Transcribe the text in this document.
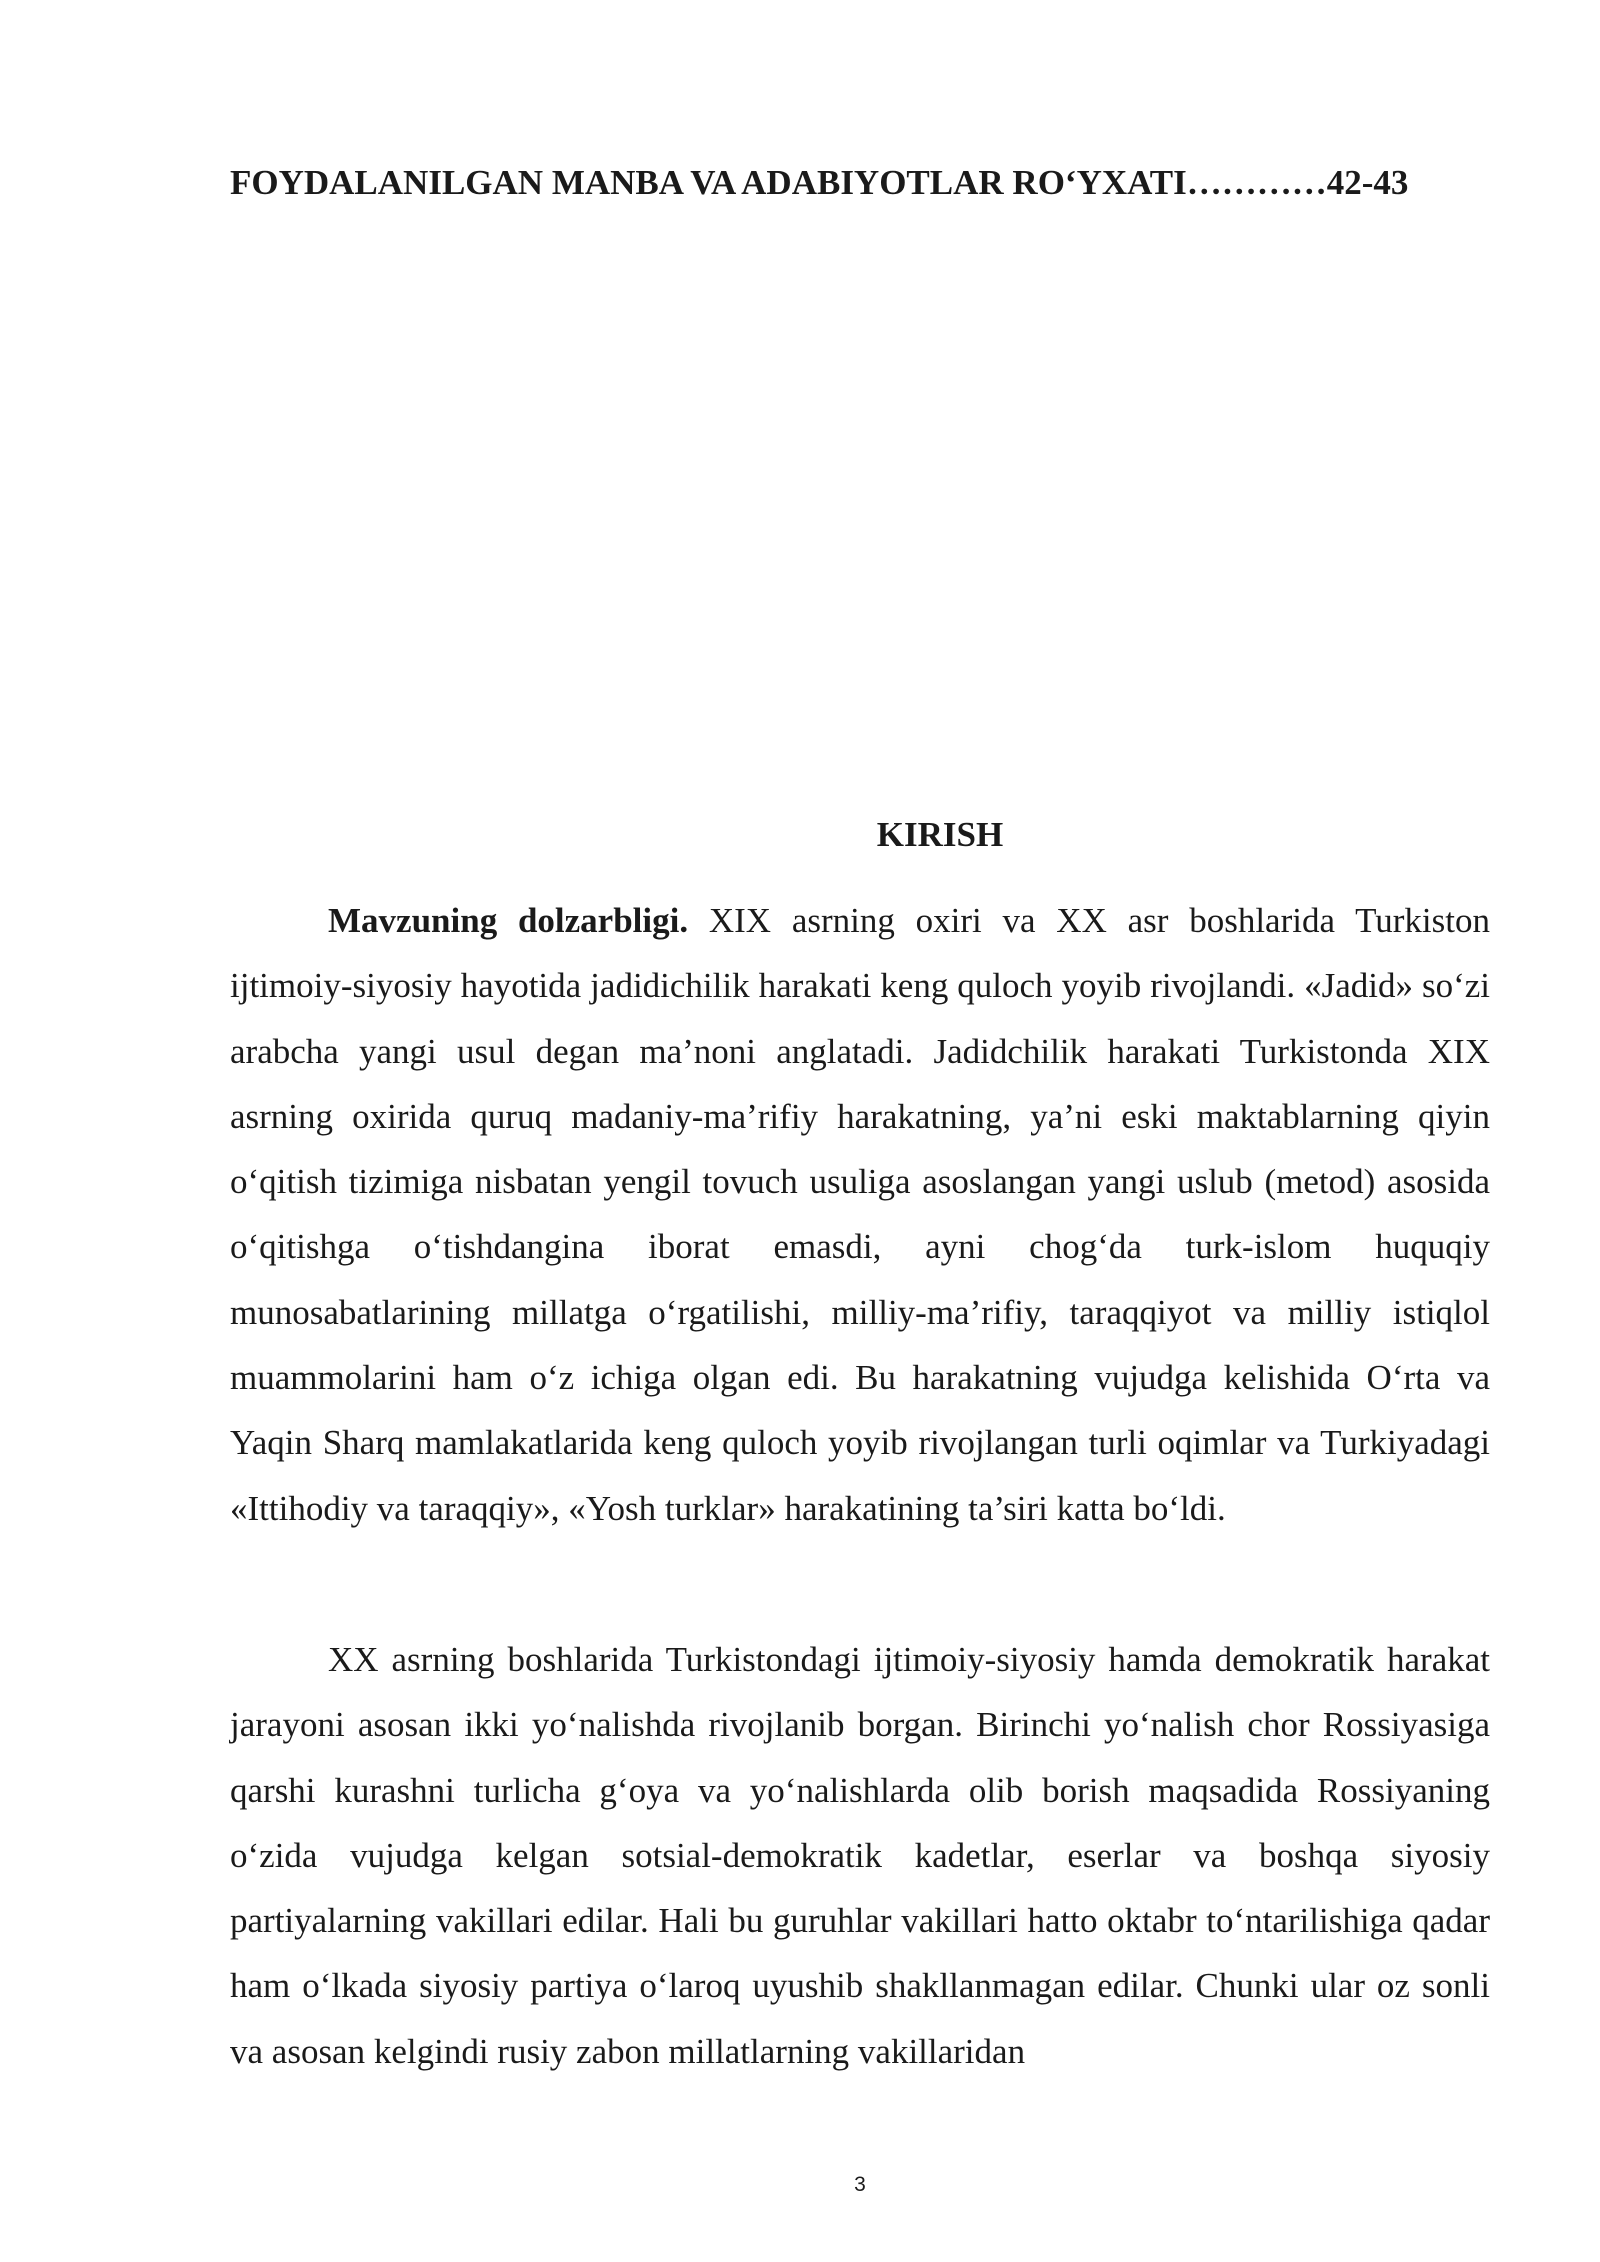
FOYDALANILGAN MANBA VA ADABIYOTLAR RO‘YXATI…………42-43

KIRISH

Mavzuning dolzarbligi. XIX asrning oxiri va XX asr boshlarida Turkiston ijtimoiy-siyosiy hayotida jadidichilik harakati keng quloch yoyib rivojlandi. «Jadid» so‘zi arabcha yangi usul degan ma’noni anglatadi. Jadidchilik harakati Turkistonda XIX asrning oxirida quruq madaniy-ma’rifiy harakatning, ya’ni eski maktablarning qiyin o‘qitish tizimiga nisbatan yengil tovuch usuliga asoslangan yangi uslub (metod) asosida o‘qitishga o‘tishdangina iborat emasdi, ayni chog‘da turk-islom huquqiy munosabatlarining millatga o‘rgatilishi, milliy-ma’rifiy, taraqqiyot va milliy istiqlol muammolarini ham o‘z ichiga olgan edi. Bu harakatning vujudga kelishida O‘rta va Yaqin Sharq mamlakatlarida keng quloch yoyib rivojlangan turli oqimlar va Turkiyadagi «Ittihodiy va taraqqiy», «Yosh turklar» harakatining ta’siri katta bo‘ldi.

XX asrning boshlarida Turkistondagi ijtimoiy-siyosiy hamda demokratik harakat jarayoni asosan ikki yo‘nalishda rivojlanib borgan. Birinchi yo‘nalish chor Rossiyasiga qarshi kurashni turlicha g‘oya va yo‘nalishlarda olib borish maqsadida Rossiyaning o‘zida vujudga kelgan sotsial-demokratik kadetlar, eserlar va boshqa siyosiy partiyalarning vakillari edilar. Hali bu guruhlar vakillari hatto oktabr to‘ntarilishiga qadar ham o‘lkada siyosiy partiya o‘laroq uyushib shakllanmagan edilar. Chunki ular oz sonli va asosan kelgindi rusiy zabon millatlarning vakillaridan

3
